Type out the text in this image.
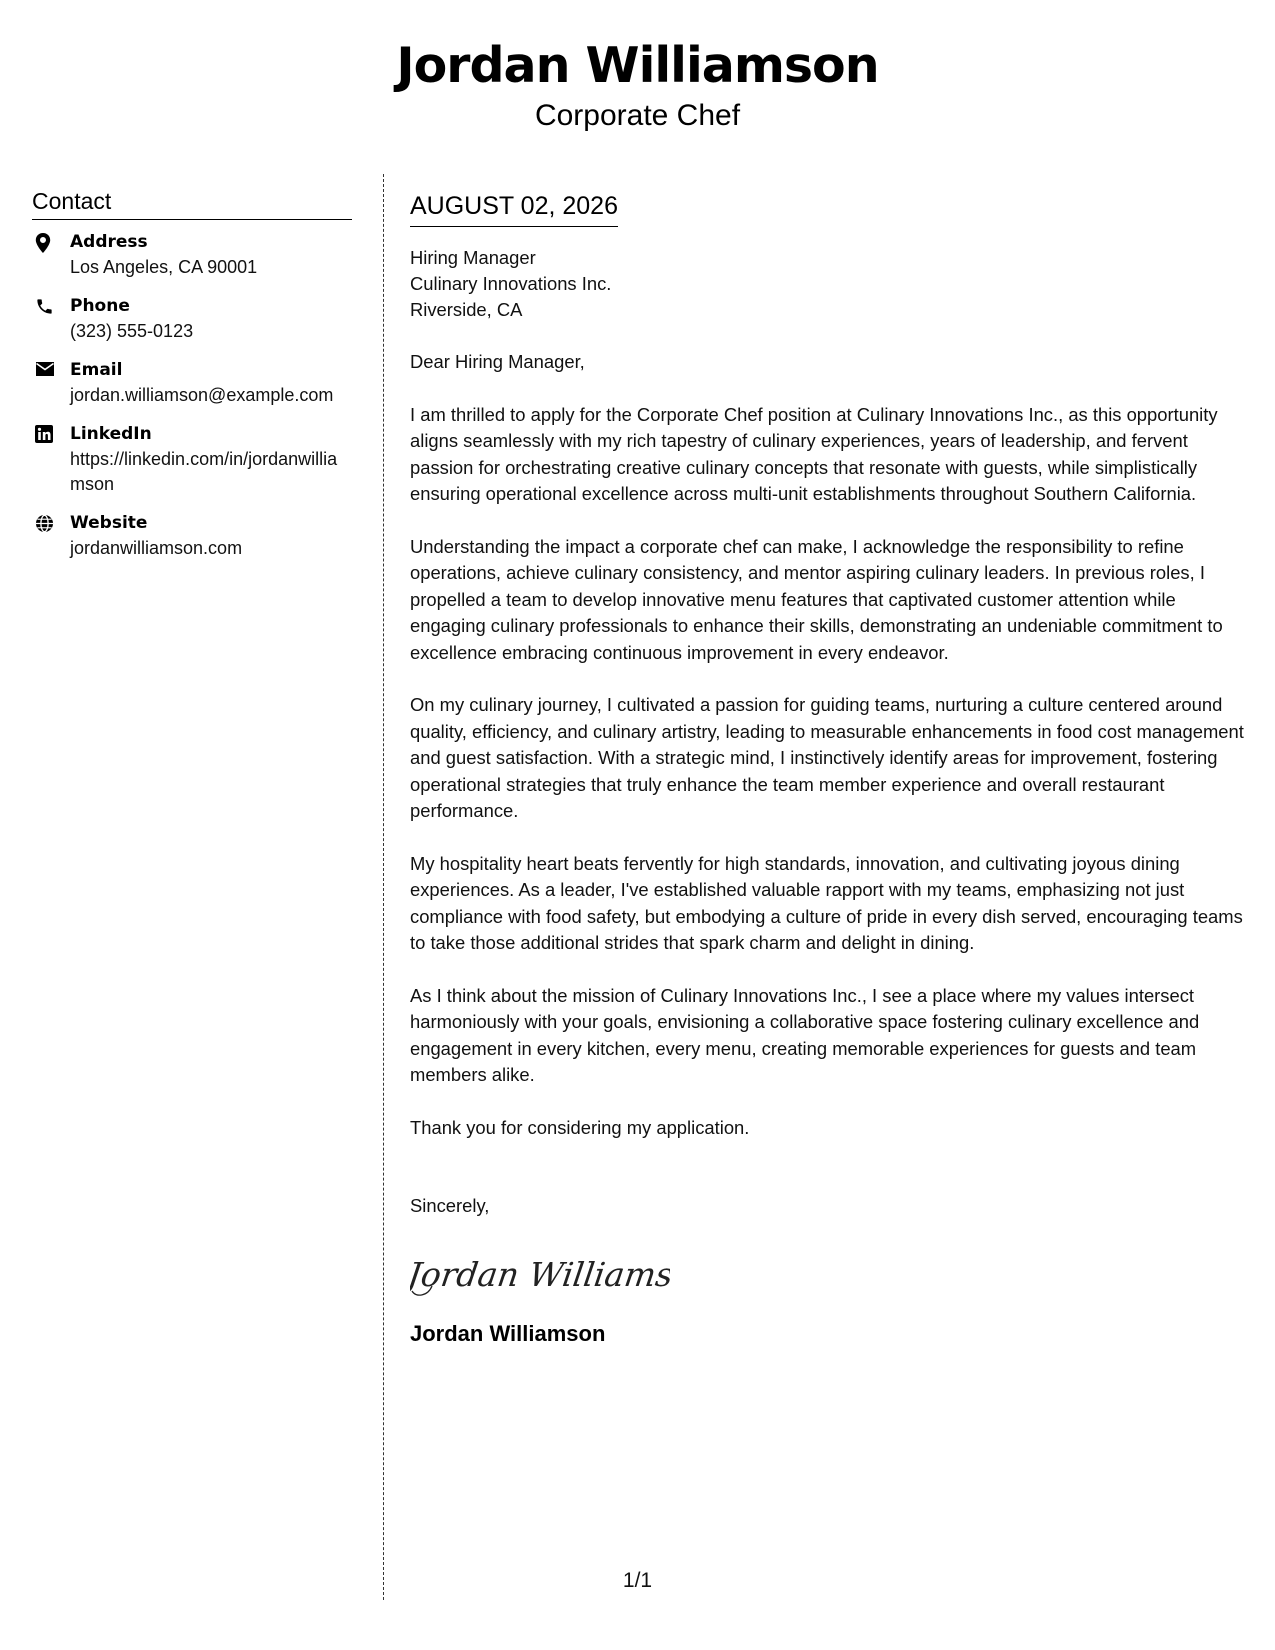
Jordan Williamson
Corporate Chef
Contact
Address
Los Angeles, CA 90001
Phone
(323) 555-0123
Email
jordan.williamson@example.com
LinkedIn
https://linkedin.com/in/jordanwilliamson
Website
jordanwilliamson.com
AUGUST 02, 2026
Hiring Manager
Culinary Innovations Inc.
Riverside, CA
Dear Hiring Manager,
I am thrilled to apply for the Corporate Chef position at Culinary Innovations Inc., as this opportunity aligns seamlessly with my rich tapestry of culinary experiences, years of leadership, and fervent passion for orchestrating creative culinary concepts that resonate with guests, while simplistically ensuring operational excellence across multi-unit establishments throughout Southern California.
Understanding the impact a corporate chef can make, I acknowledge the responsibility to refine operations, achieve culinary consistency, and mentor aspiring culinary leaders. In previous roles, I propelled a team to develop innovative menu features that captivated customer attention while engaging culinary professionals to enhance their skills, demonstrating an undeniable commitment to excellence embracing continuous improvement in every endeavor.
On my culinary journey, I cultivated a passion for guiding teams, nurturing a culture centered around quality, efficiency, and culinary artistry, leading to measurable enhancements in food cost management and guest satisfaction. With a strategic mind, I instinctively identify areas for improvement, fostering operational strategies that truly enhance the team member experience and overall restaurant performance.
My hospitality heart beats fervently for high standards, innovation, and cultivating joyous dining experiences. As a leader, I've established valuable rapport with my teams, emphasizing not just compliance with food safety, but embodying a culture of pride in every dish served, encouraging teams to take those additional strides that spark charm and delight in dining.
As I think about the mission of Culinary Innovations Inc., I see a place where my values intersect harmoniously with your goals, envisioning a collaborative space fostering culinary excellence and engagement in every kitchen, every menu, creating memorable experiences for guests and team members alike.
Thank you for considering my application.
Sincerely,
Jordan Williams
Jordan Williamson
1/1
